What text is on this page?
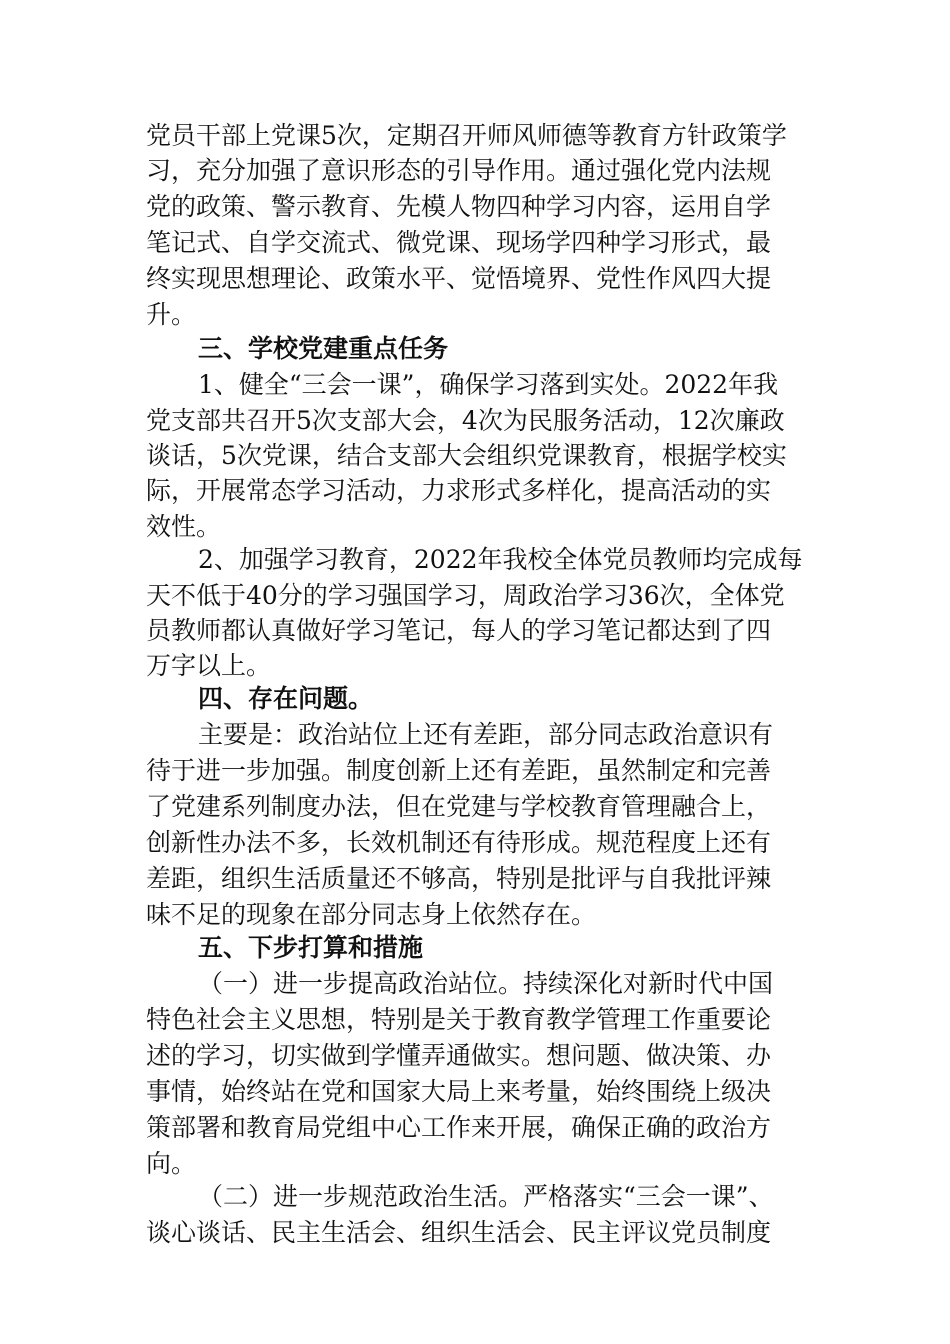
党员干部上党课5次，定期召开师风师德等教育方针政策学
习，充分加强了意识形态的引导作用。通过强化党内法规
党的政策、警示教育、先模人物四种学习内容，运用自学
笔记式、自学交流式、微党课、现场学四种学习形式，最
终实现思想理论、政策水平、觉悟境界、党性作风四大提
升。
三、学校党建重点任务
1、健全“三会一课”，确保学习落到实处。2022年我
党支部共召开5次支部大会，4次为民服务活动，12次廉政
谈话，5次党课，结合支部大会组织党课教育，根据学校实
际，开展常态学习活动，力求形式多样化，提高活动的实
效性。
2、加强学习教育，2022年我校全体党员教师均完成每
天不低于40分的学习强国学习，周政治学习36次，全体党
员教师都认真做好学习笔记，每人的学习笔记都达到了四
万字以上。
四、存在问题。
主要是：政治站位上还有差距，部分同志政治意识有
待于进一步加强。制度创新上还有差距，虽然制定和完善
了党建系列制度办法，但在党建与学校教育管理融合上，
创新性办法不多，长效机制还有待形成。规范程度上还有
差距，组织生活质量还不够高，特别是批评与自我批评辣
味不足的现象在部分同志身上依然存在。
五、下步打算和措施
（一）进一步提高政治站位。持续深化对新时代中国
特色社会主义思想，特别是关于教育教学管理工作重要论
述的学习，切实做到学懂弄通做实。想问题、做决策、办
事情，始终站在党和国家大局上来考量，始终围绕上级决
策部署和教育局党组中心工作来开展，确保正确的政治方
向。
（二）进一步规范政治生活。严格落实“三会一课”、
谈心谈话、民主生活会、组织生活会、民主评议党员制度
